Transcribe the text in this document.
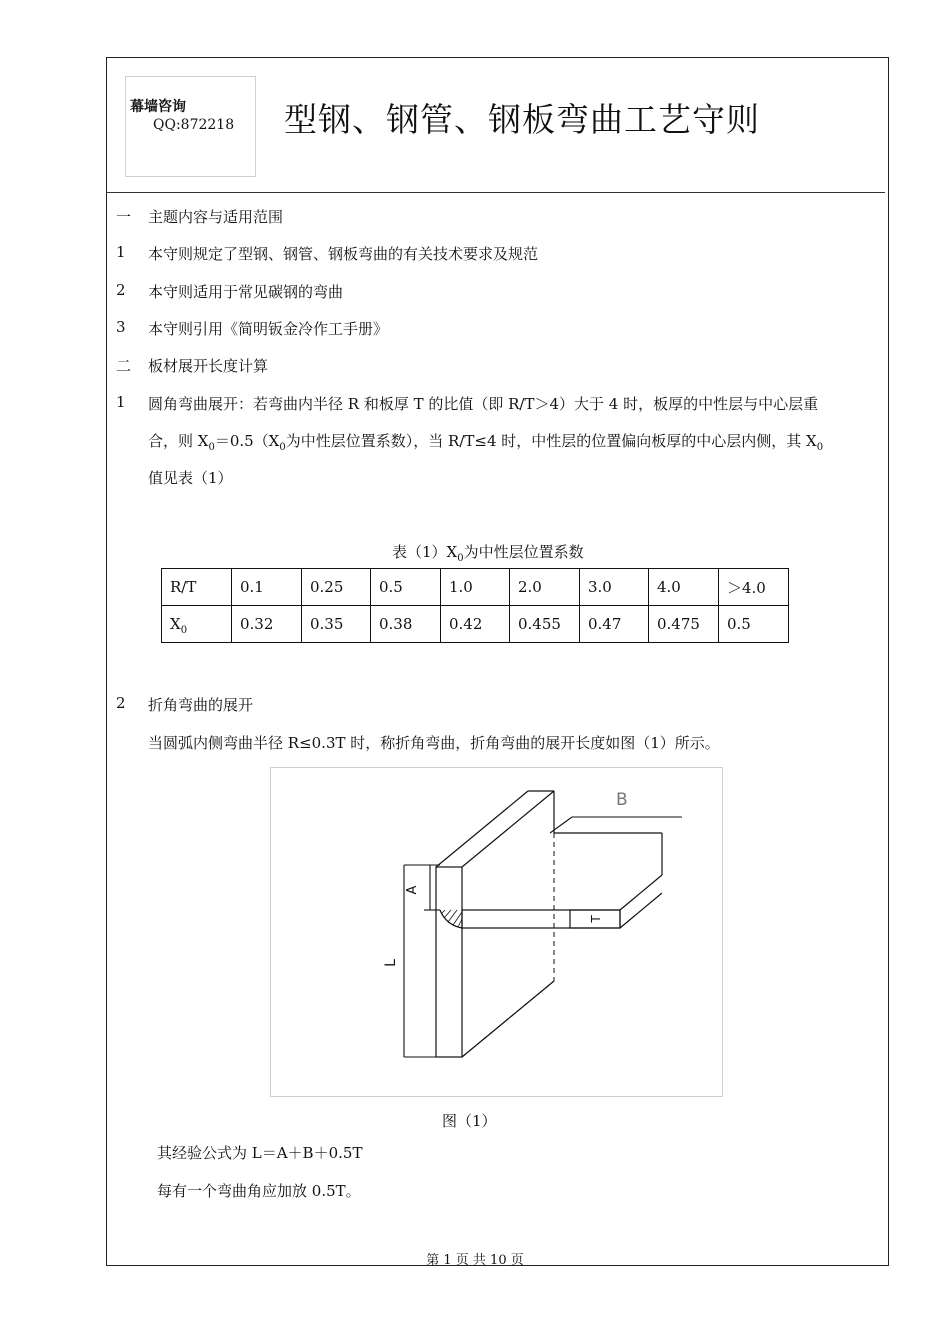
幕墙咨询
QQ:872218 型钢、钢管、钢板弯曲工艺守则
一 主题内容与适用范围
1 本守则规定了型钢、钢管、钢板弯曲的有关技术要求及规范
2 本守则适用于常见碳钢的弯曲
3 本守则引用《简明钣金冷作工手册》
二 板材展开长度计算
1 圆角弯曲展开：若弯曲内半径 R 和板厚 T 的比值（即 R/T＞4）大于 4 时，板厚的中性层与中心层重
合，则 $X_0=0.5(X_0$为中性层位置系数），当 R/T≤4 时，中性层的位置偏向板厚的中心层内侧，其 $X_0$
值见表（1）
表$(1)X_0$为中性层位置系数
R/T	0.1	0.25	0.5	1.0	2.0	3.0	4.0	＞4.0
$X_0$	0.32	0.35	0.38	0.42	0.455	0.47	0.475	0.5
2 折角弯曲的展开
当圆弧内侧弯曲半径 R≤0.3T 时，称折角弯曲，折角弯曲的展开长度如图（1）所示。
A
L
T
B
图（1）
其经验公式为 L＝A＋B＋0.5T
每有一个弯曲角应加放 0.5T。
第 1 页 共 10 页
